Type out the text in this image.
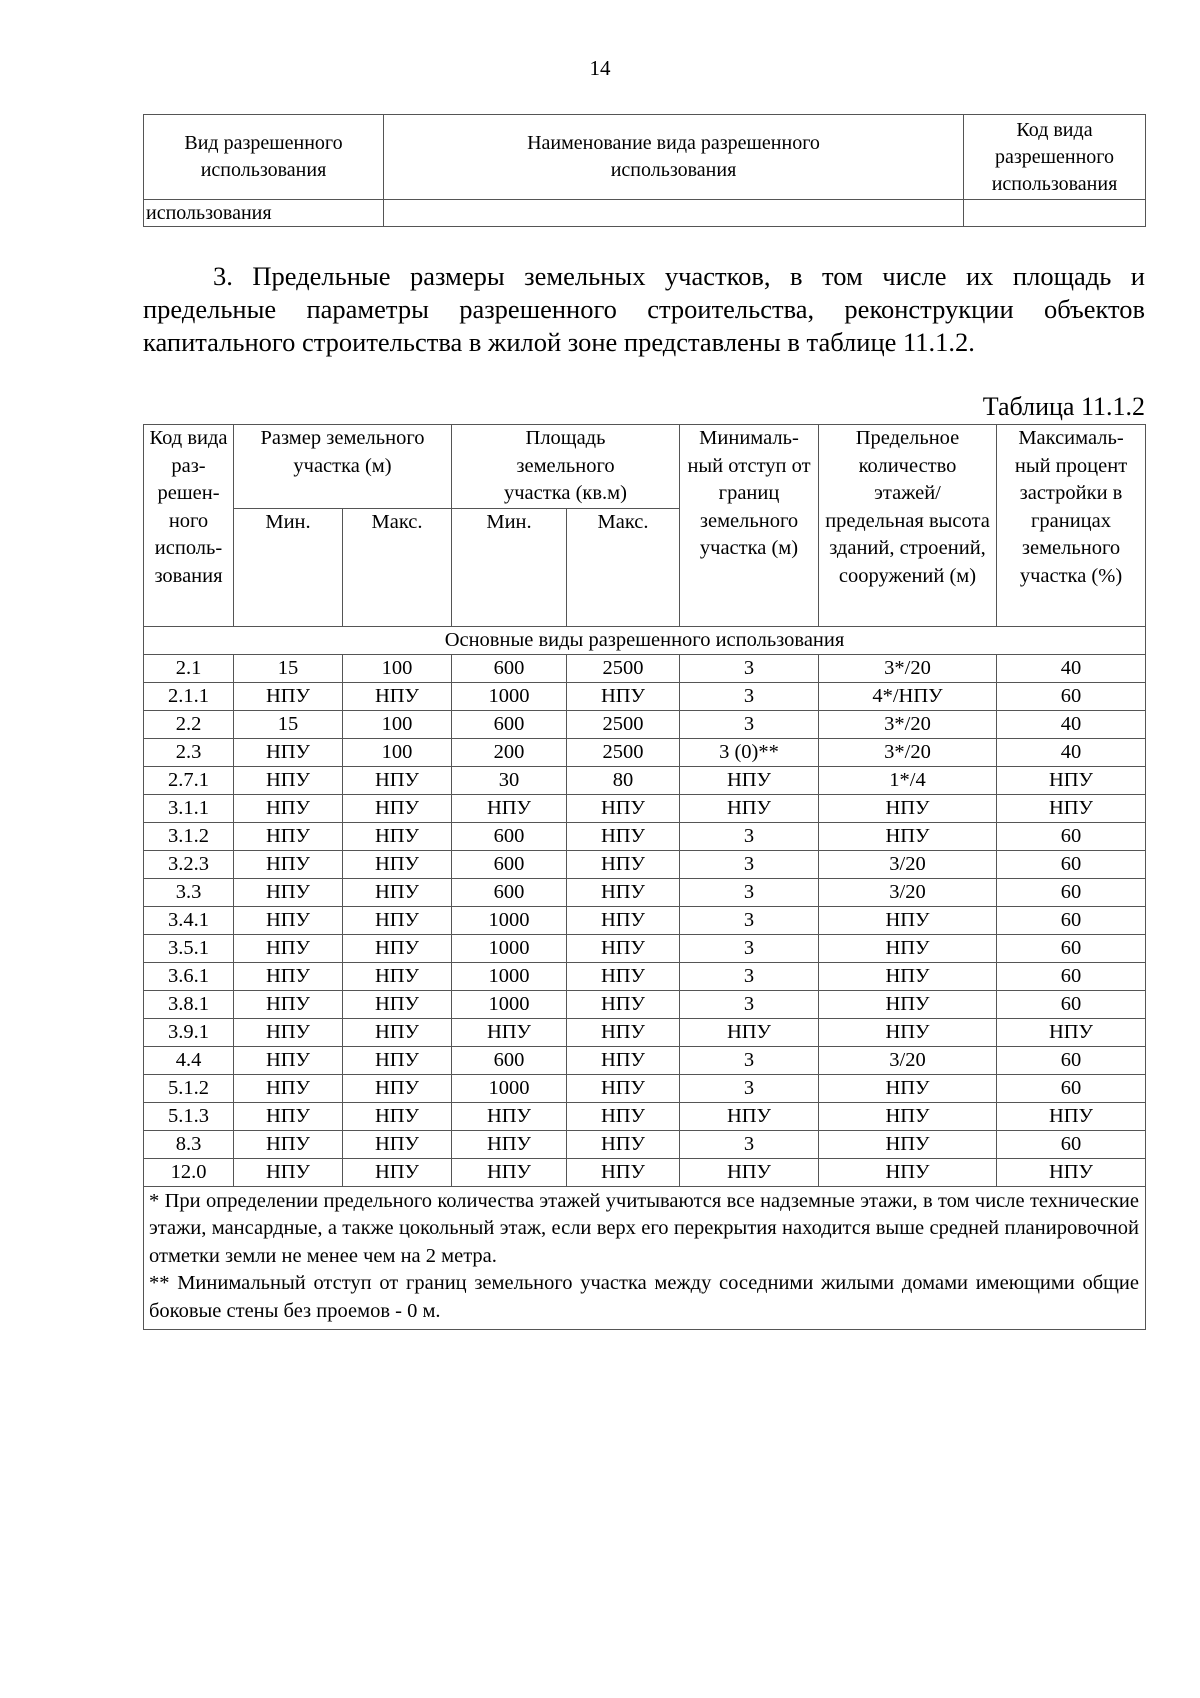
14
Вид разрешенного использования	Наименование вида разрешенного использования	Код вида разрешенного использования
использования		

3. Предельные размеры земельных участков, в том числе их площадь и предельные параметры разрешенного строительства, реконструкции объектов капитального строительства в жилой зоне представлены в таблице 11.1.2.

Таблица 11.1.2
Код вида раз-решен-ного исполь-зования	Размер земельного участка (м)		Площадь земельного участка (кв.м)		Минималь-ный отступ от границ земельного участка (м)	Предельное количество этажей/ предельная высота зданий, строений, сооружений (м)	Максималь-ный процент застройки в границах земельного участка (%)
	Мин.	Макс.	Мин.	Макс.			
Основные виды разрешенного использования							
2.1	15	100	600	2500	3	3*/20	40
2.1.1	НПУ	НПУ	1000	НПУ	3	4*/НПУ	60
2.2	15	100	600	2500	3	3*/20	40
2.3	НПУ	100	200	2500	3 (0)**	3*/20	40
2.7.1	НПУ	НПУ	30	80	НПУ	1*/4	НПУ
3.1.1	НПУ	НПУ	НПУ	НПУ	НПУ	НПУ	НПУ
3.1.2	НПУ	НПУ	600	НПУ	3	НПУ	60
3.2.3	НПУ	НПУ	600	НПУ	3	3/20	60
3.3	НПУ	НПУ	600	НПУ	3	3/20	60
3.4.1	НПУ	НПУ	1000	НПУ	3	НПУ	60
3.5.1	НПУ	НПУ	1000	НПУ	3	НПУ	60
3.6.1	НПУ	НПУ	1000	НПУ	3	НПУ	60
3.8.1	НПУ	НПУ	1000	НПУ	3	НПУ	60
3.9.1	НПУ	НПУ	НПУ	НПУ	НПУ	НПУ	НПУ
4.4	НПУ	НПУ	600	НПУ	3	3/20	60
5.1.2	НПУ	НПУ	1000	НПУ	3	НПУ	60
5.1.3	НПУ	НПУ	НПУ	НПУ	НПУ	НПУ	НПУ
8.3	НПУ	НПУ	НПУ	НПУ	3	НПУ	60
12.0	НПУ	НПУ	НПУ	НПУ	НПУ	НПУ	НПУ

* При определении предельного количества этажей учитываются все надземные этажи, в том числе технические этажи, мансардные, а также цокольный этаж, если верх его перекрытия находится выше средней планировочной отметки земли не менее чем на 2 метра.
** Минимальный отступ от границ земельного участка между соседними жилыми домами имеющими общие боковые стены без проемов - 0 м.							
